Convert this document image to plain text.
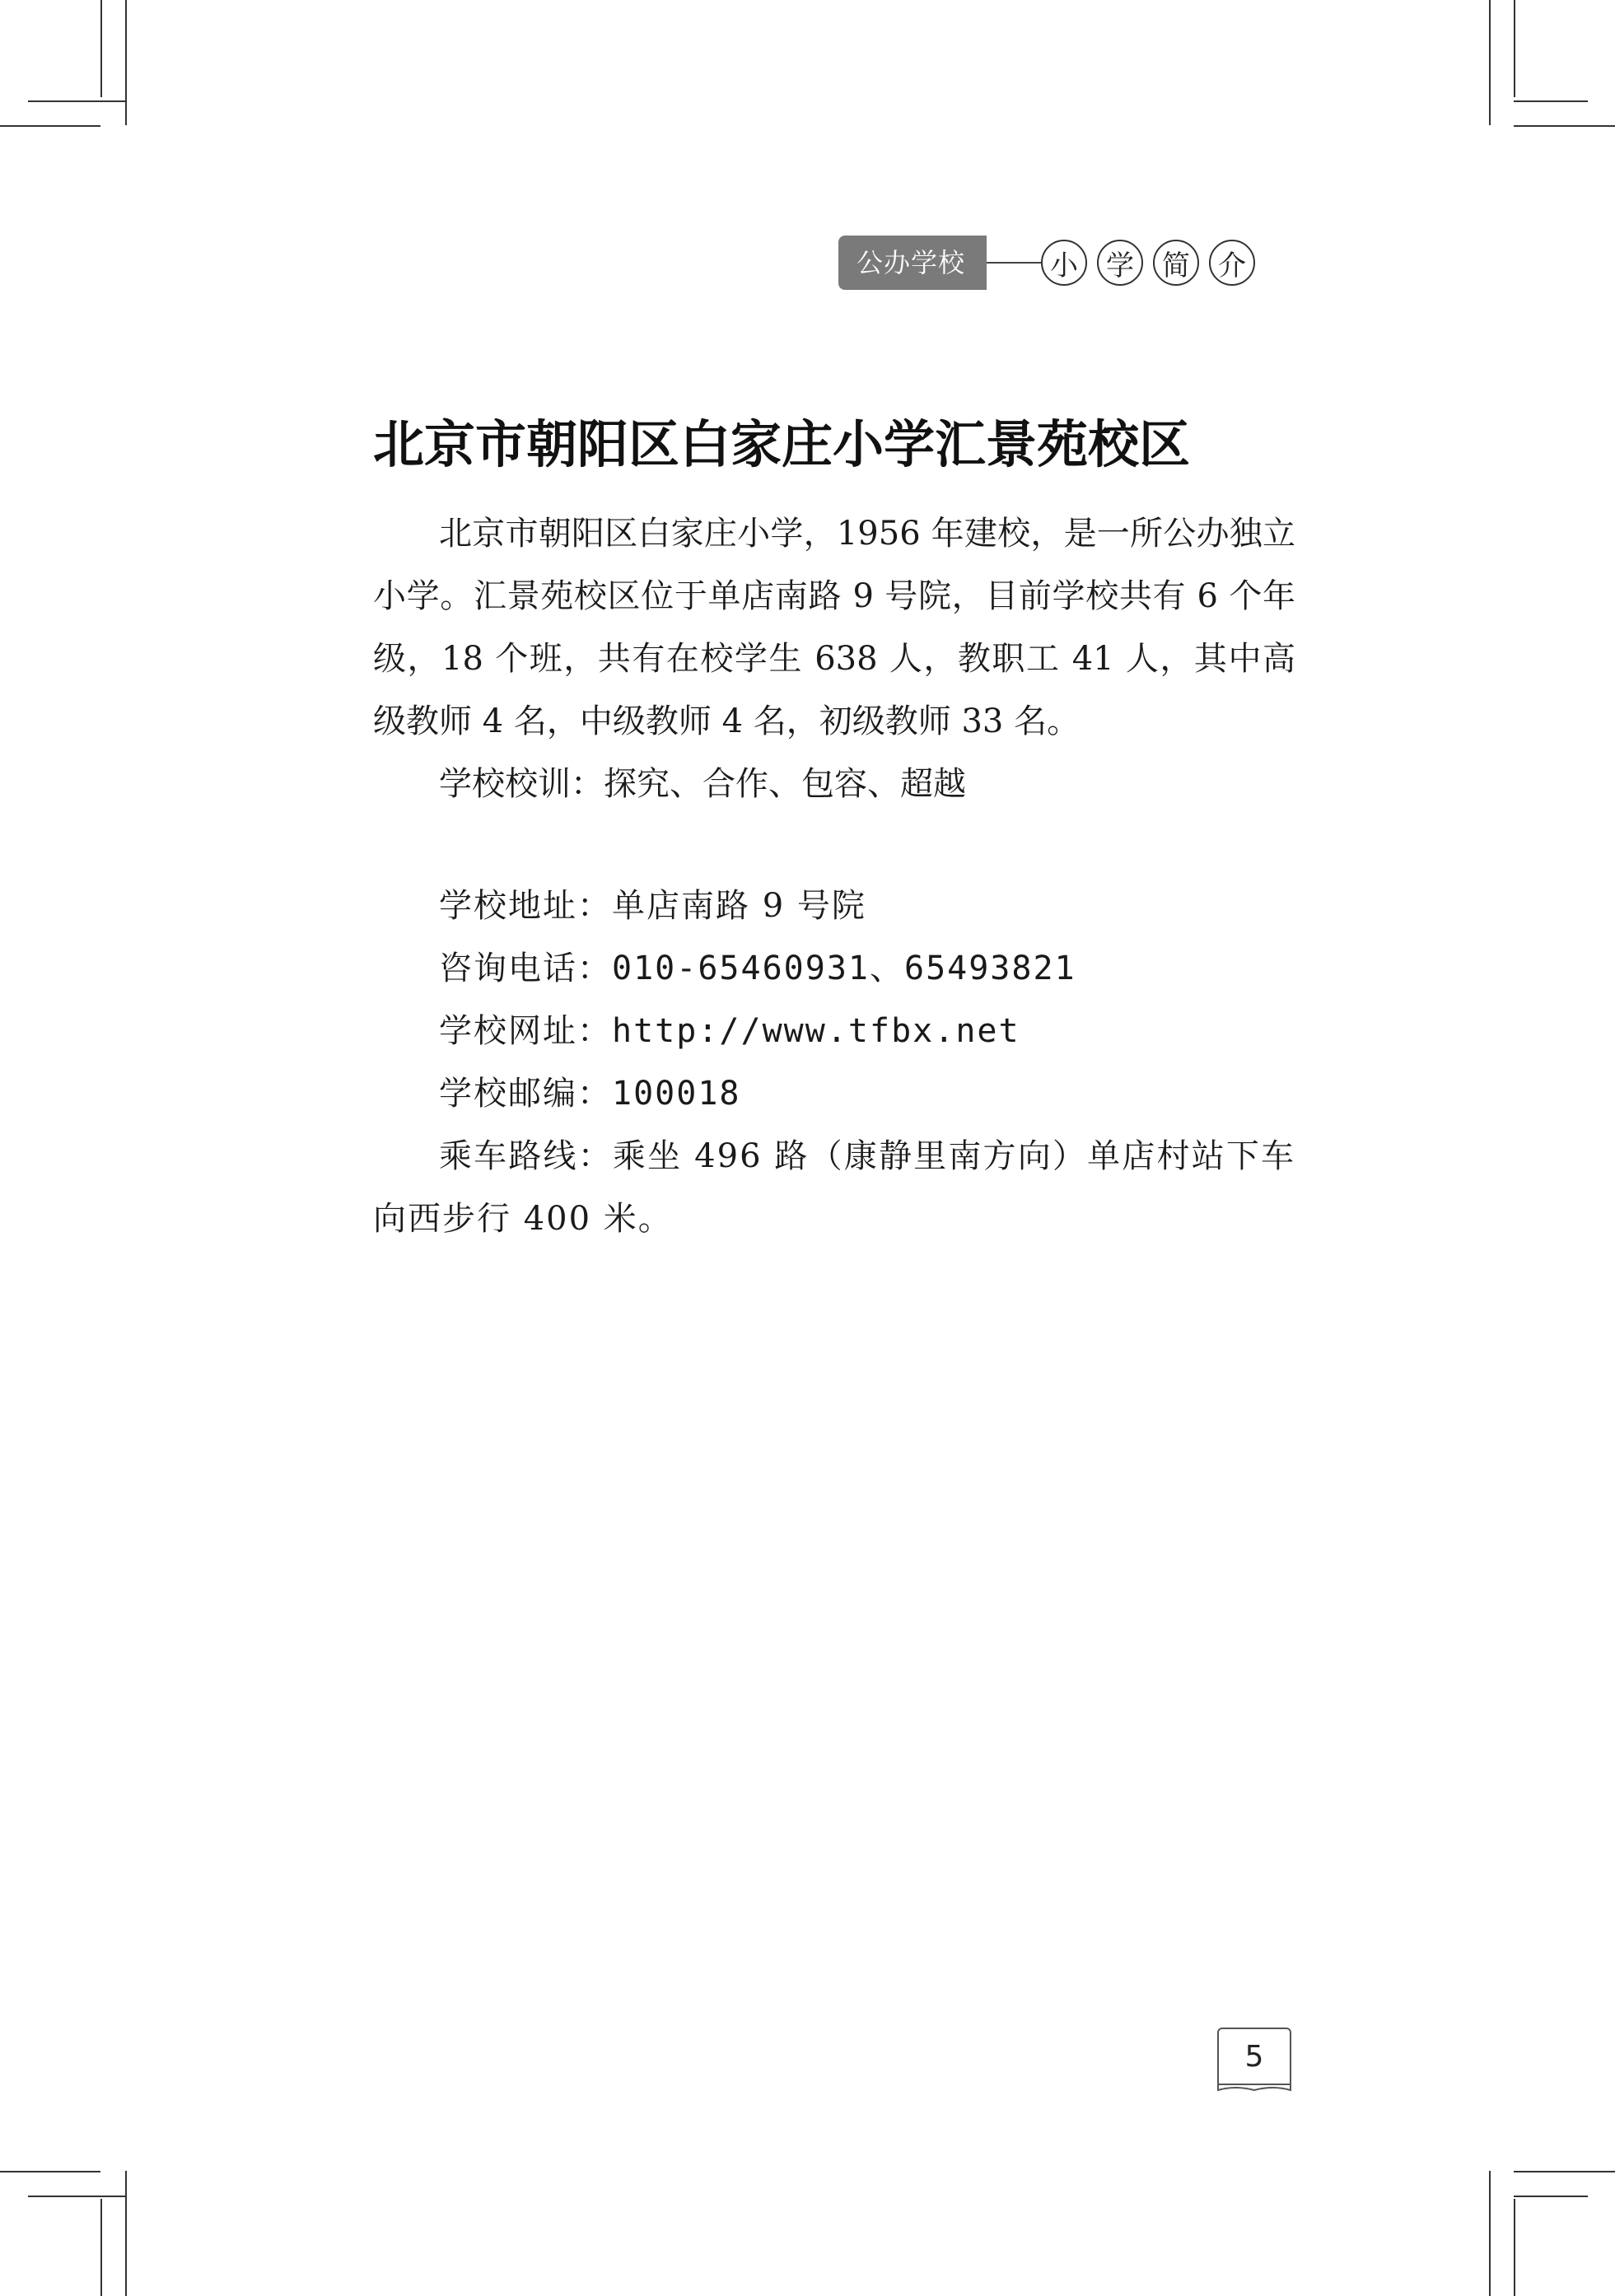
公办学校	小	学	简	介
北京市朝阳区白家庄小学汇景苑校区

北京市朝阳区白家庄小学，1956 年建校，是一所公办独立小学。汇景苑校区位于单店南路 9 号院，目前学校共有 6 个年级，18 个班，共有在校学生 638 人，教职工 41 人，其中高级教师 4 名，中级教师 4 名，初级教师 33 名。

学校校训：探究、合作、包容、超越

学校地址：单店南路 9 号院

咨询电话：010-65460931、65493821

学校网址：http://www.tfbx.net

学校邮编：100018

乘车路线：乘坐 496 路（康静里南方向）单店村站下车向西步行 400 米。

5
